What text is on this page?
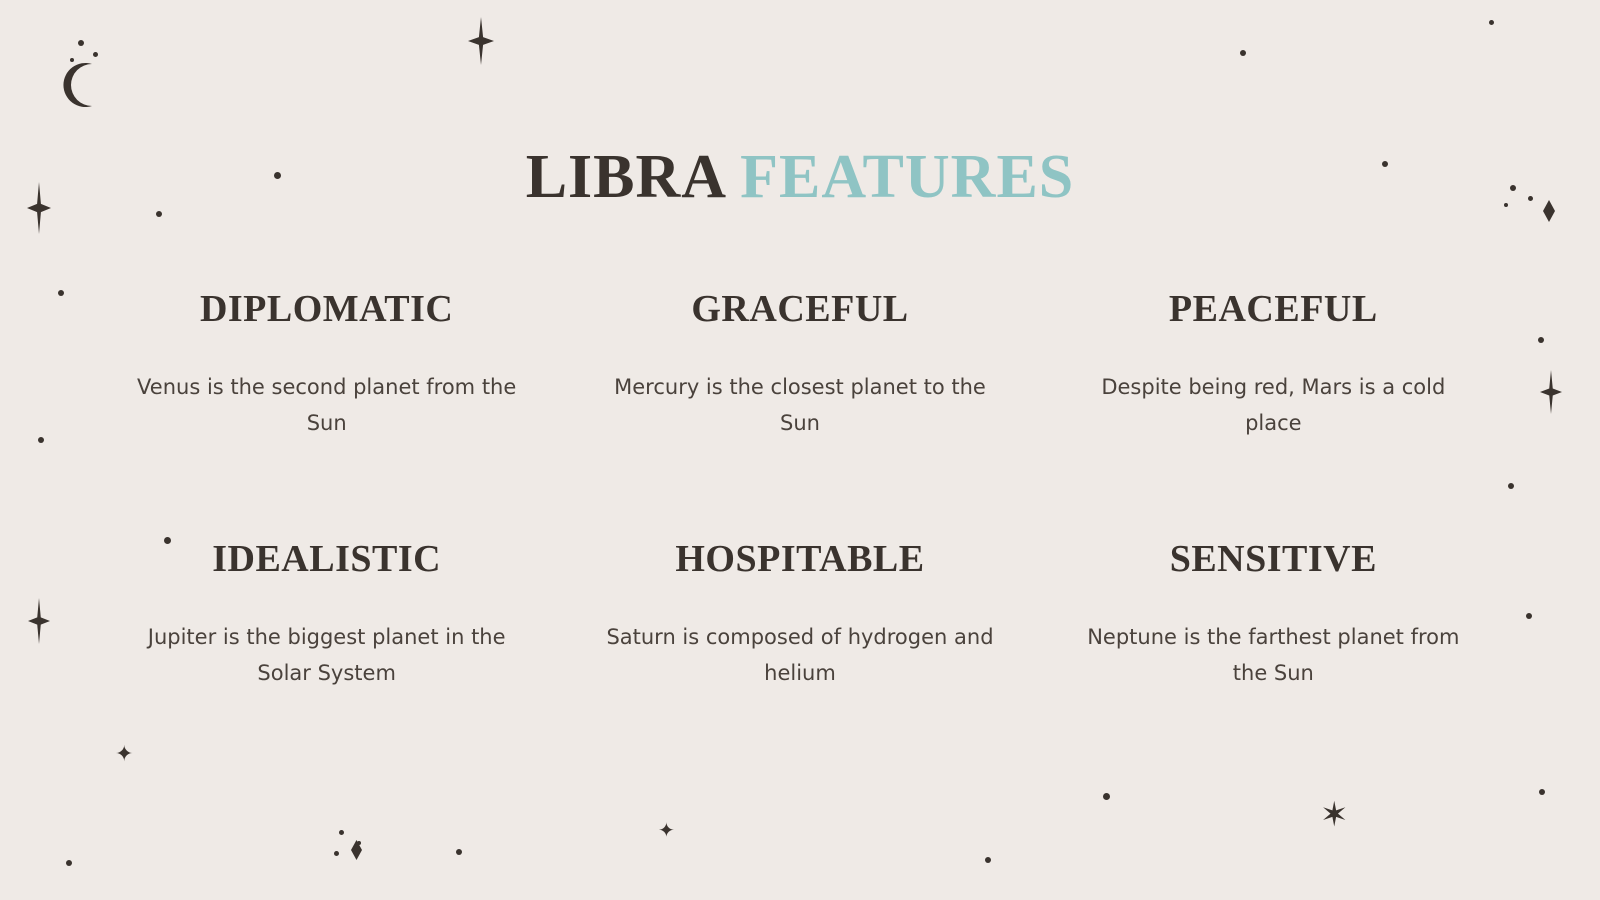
✦
✦	✶
LIBRA FEATURES
DIPLOMATIC

Venus is the second planet from the Sun

GRACEFUL

Mercury is the closest planet to the Sun

PEACEFUL

Despite being red, Mars is a cold place

IDEALISTIC

Jupiter is the biggest planet in the Solar System

HOSPITABLE

Saturn is composed of hydrogen and helium

SENSITIVE

Neptune is the farthest planet from the Sun
